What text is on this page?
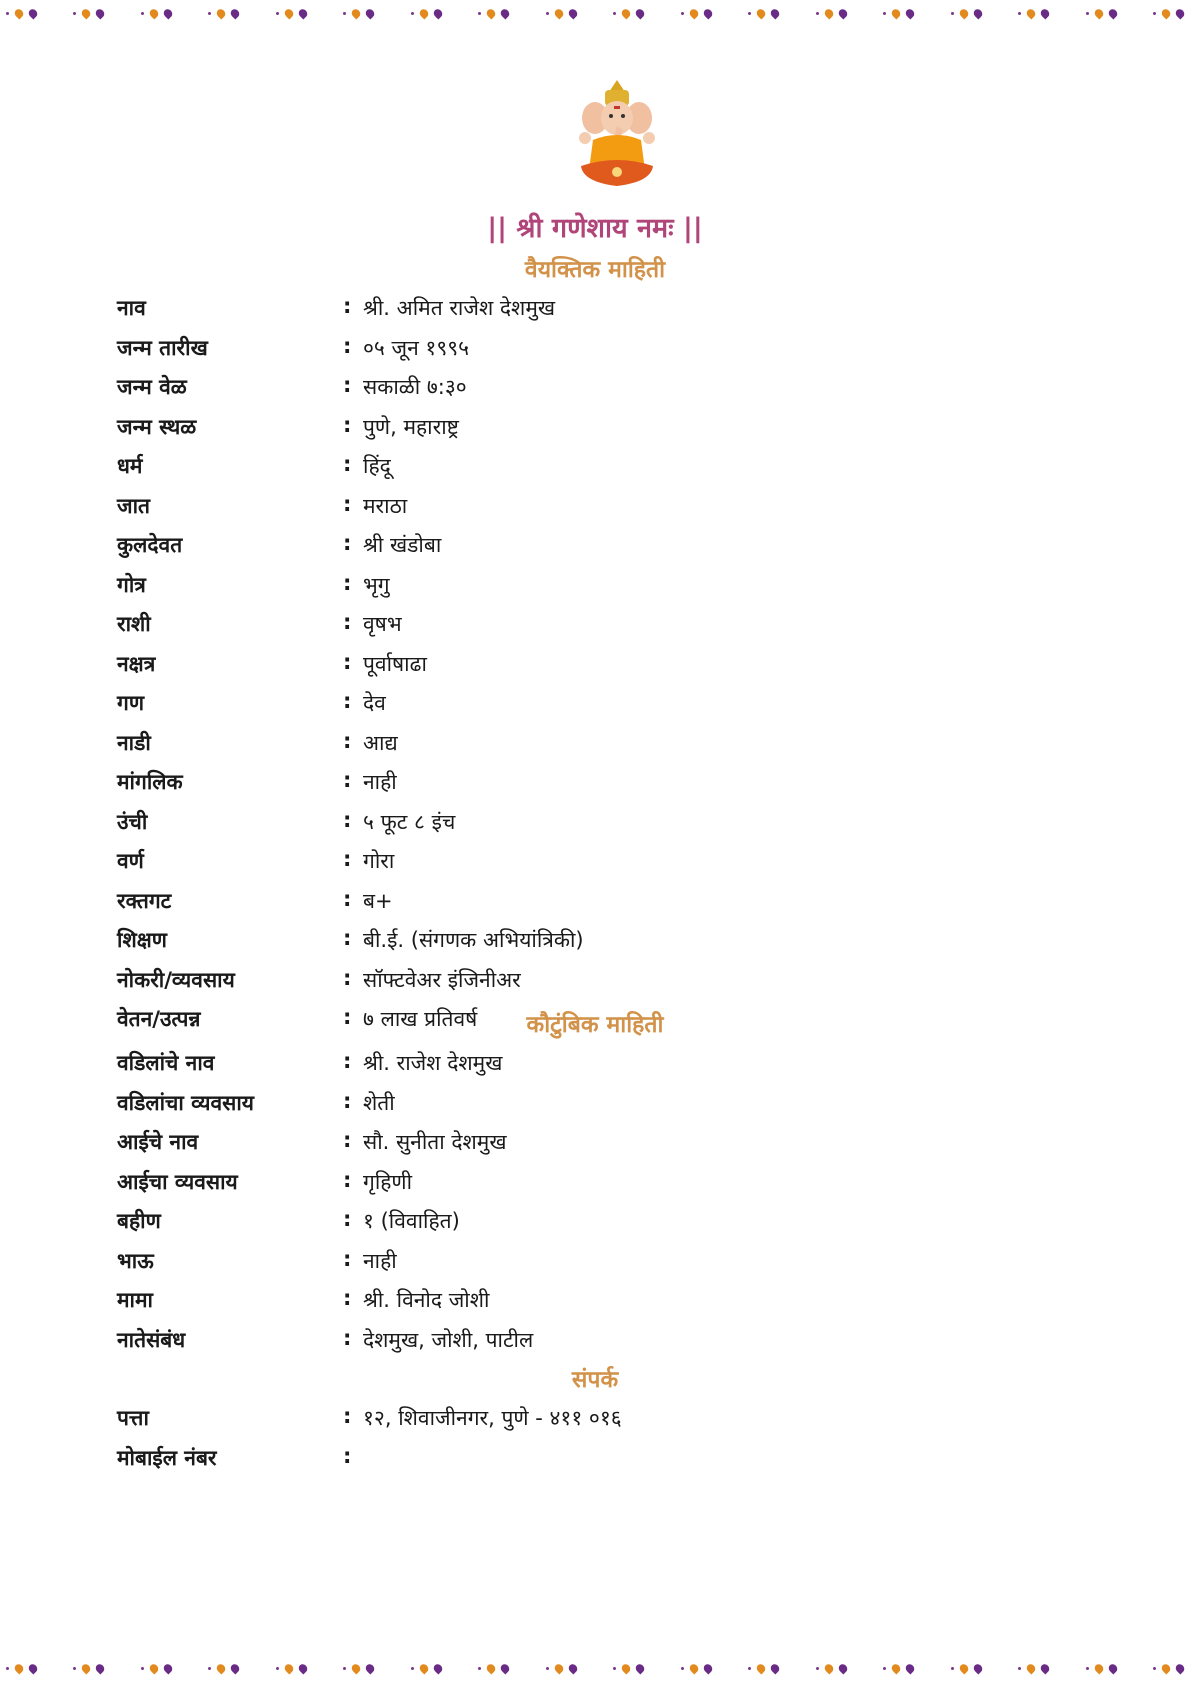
|| श्री गणेशाय नमः ||
वैयक्तिक माहिती
नाव	: श्री. अमित राजेश देशमुख
जन्म तारीख	: ०५ जून १९९५
जन्म वेळ	: सकाळी ७:३०
जन्म स्थळ	: पुणे, महाराष्ट्र
धर्म	: हिंदू
जात	: मराठा
कुलदेवत	: श्री खंडोबा
गोत्र	: भृगु
राशी	: वृषभ
नक्षत्र	: पूर्वाषाढा
गण	: देव
नाडी	: आद्य
मांगलिक	: नाही
उंची	: ५ फूट ८ इंच
वर्ण	: गोरा
रक्तगट	: ब+
शिक्षण	: बी.ई. (संगणक अभियांत्रिकी)
नोकरी/व्यवसाय	: सॉफ्टवेअर इंजिनीअर
वेतन/उत्पन्न	: ७ लाख प्रतिवर्ष	कौटुंबिक माहिती
वडिलांचे नाव	: श्री. राजेश देशमुख
वडिलांचा व्यवसाय	: शेती
आईचे नाव	: सौ. सुनीता देशमुख
आईचा व्यवसाय	: गृहिणी
बहीण	: १ (विवाहित)
भाऊ	: नाही
मामा	: श्री. विनोद जोशी
नातेसंबंध	: देशमुख, जोशी, पाटील
संपर्क
पत्ता	: १२, शिवाजीनगर, पुणे - ४११ ०१६
मोबाईल नंबर	:
